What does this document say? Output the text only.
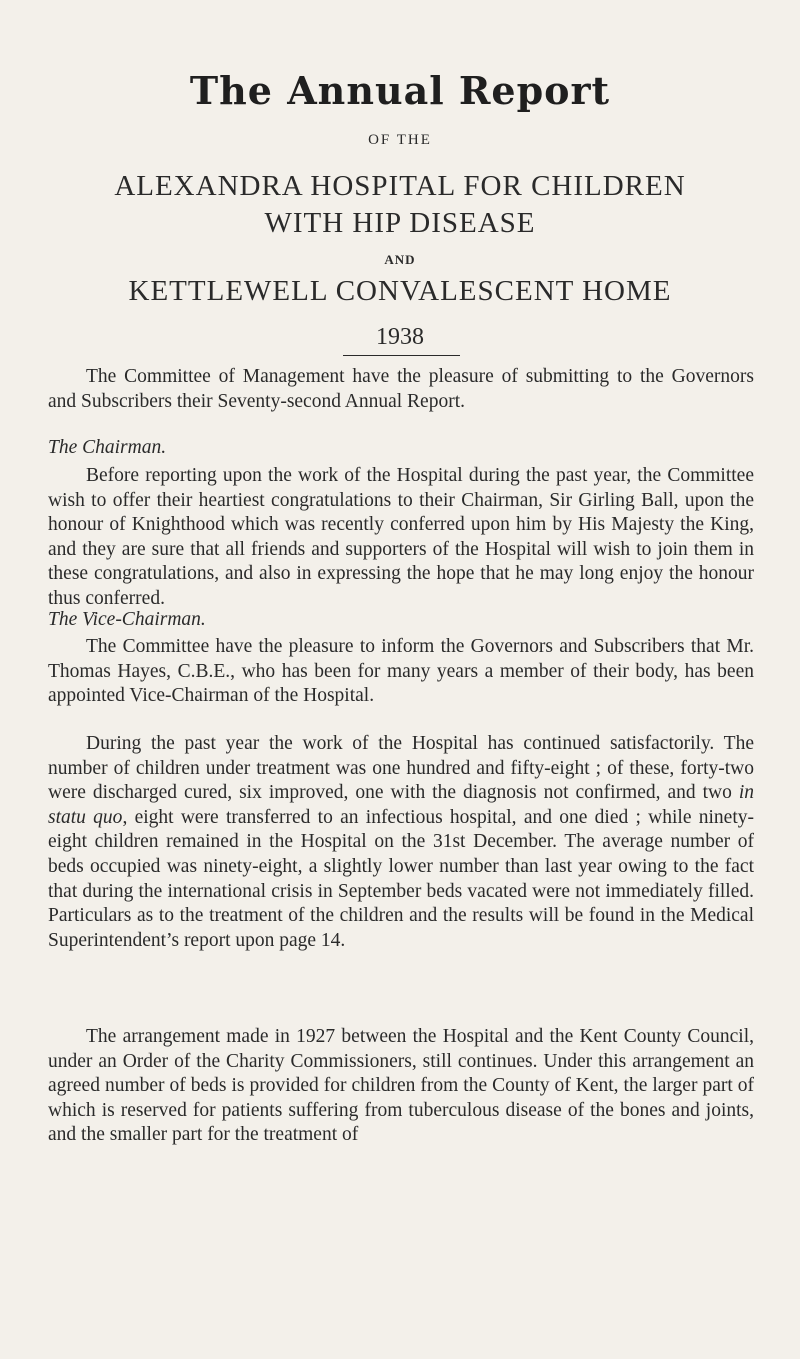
The Annual Report
OF THE
ALEXANDRA HOSPITAL FOR CHILDREN
WITH HIP DISEASE
AND
KETTLEWELL CONVALESCENT HOME
1938

The Committee of Management have the pleasure of submitting to the Governors and Subscribers their Seventy-second Annual Report.

The Chairman.

Before reporting upon the work of the Hospital during the past year, the Committee wish to offer their heartiest congratulations to their Chairman, Sir Girling Ball, upon the honour of Knighthood which was recently conferred upon him by His Majesty the King, and they are sure that all friends and supporters of the Hospital will wish to join them in these congratulations, and also in expressing the hope that he may long enjoy the honour thus conferred.

The Vice-Chairman.

The Committee have the pleasure to inform the Governors and Subscribers that Mr. Thomas Hayes, C.B.E., who has been for many years a member of their body, has been appointed Vice-Chairman of the Hospital.

During the past year the work of the Hospital has continued satisfactorily. The number of children under treatment was one hundred and fifty-eight ; of these, forty-two were discharged cured, six improved, one with the diagnosis not confirmed, and two in statu quo, eight were transferred to an infectious hospital, and one died ; while ninety-eight children remained in the Hospital on the 31st December. The average number of beds occupied was ninety-eight, a slightly lower number than last year owing to the fact that during the international crisis in September beds vacated were not immediately filled. Particulars as to the treatment of the children and the results will be found in the Medical Superintendent’s report upon page 14.

The arrangement made in 1927 between the Hospital and the Kent County Council, under an Order of the Charity Commissioners, still continues. Under this arrangement an agreed number of beds is provided for children from the County of Kent, the larger part of which is reserved for patients suffering from tuberculous disease of the bones and joints, and the smaller part for the treatment of
